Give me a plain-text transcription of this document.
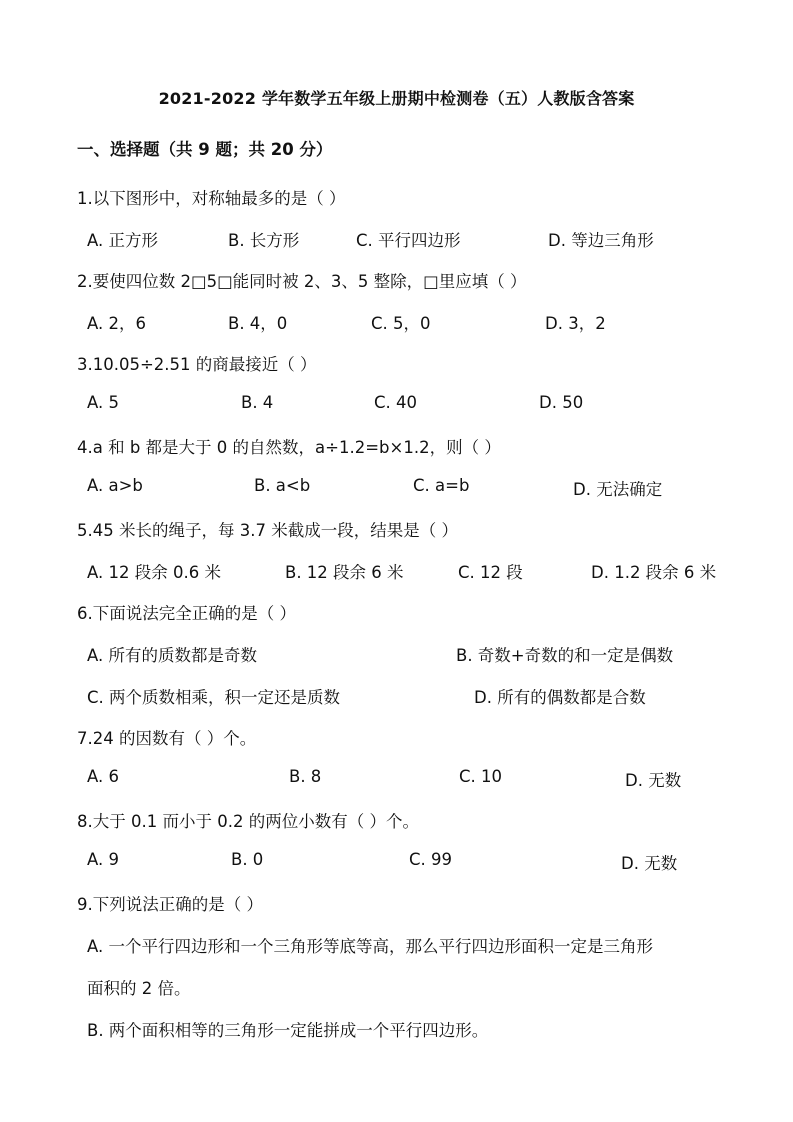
2021-2022 学年数学五年级上册期中检测卷（五）人教版含答案
一、选择题（共 9 题；共 20 分）
1.以下图形中，对称轴最多的是（ ）
A. 正方形	B. 长方形	C. 平行四边形	D. 等边三角形
2.要使四位数 2□5□能同时被 2、3、5 整除，□里应填（ ）
A. 2，6	B. 4，0	C. 5，0	D. 3，2
3.10.05÷2.51 的商最接近（ ）
A. 5	B. 4	C. 40	D. 50
4.a 和 b 都是大于 0 的自然数，a÷1.2=b×1.2，则（ ）
A. a>b	B. a<b	C. a=b	D. 无法确定
5.45 米长的绳子，每 3.7 米截成一段，结果是（ ）
A. 12 段余 0.6 米	B. 12 段余 6 米	C. 12 段	D. 1.2 段余 6 米
6.下面说法完全正确的是（ ）
A. 所有的质数都是奇数	B. 奇数+奇数的和一定是偶数
C. 两个质数相乘，积一定还是质数	D. 所有的偶数都是合数
7.24 的因数有（ ）个。
A. 6	B. 8	C. 10	D. 无数
8.大于 0.1 而小于 0.2 的两位小数有（ ）个。
A. 9	B. 0	C. 99	D. 无数
9.下列说法正确的是（ ）
A. 一个平行四边形和一个三角形等底等高，那么平行四边形面积一定是三角形
面积的 2 倍。
B. 两个面积相等的三角形一定能拼成一个平行四边形。
